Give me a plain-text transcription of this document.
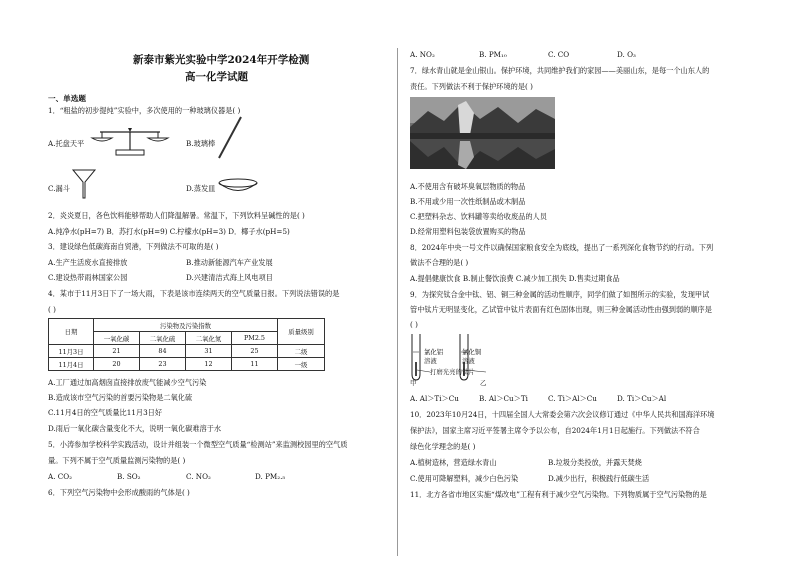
新泰市紫光实验中学2024年开学检测
高一化学试题
一、单选题
1．“粗盐的初步提纯”实验中，多次使用的一种玻璃仪器是( )
A.托盘天平	B.玻璃棒
C.漏斗	D.蒸发皿
2．炎炎夏日，各色饮料能够帮助人们降温解暑。常温下，下列饮料呈碱性的是( )
A.纯净水(pH=7) B．苏打水(pH=9) C.柠檬水(pH=3) D．椰子水(pH=5)
3．建设绿色低碳海南自贸港，下列做法不可取的是( )
A.生产生活废水直接排放	B.推动新能源汽车产业发展
C.建设热带雨林国家公园	D.兴建清洁式海上风电项目
4．某市于11月3日下了一场大雨，下表是该市连续两天的空气质量日报。下列说法错误的是
( )
日期	污染物及污染指数				质量级别
	一氧化碳	二氧化硫	二氧化氮	PM2.5	
11月3日	21	84	31	25	二级
11月4日	20	23	12	11	一级
A.工厂通过加高烟囱直接排放废气能减少空气污染
B.造成该市空气污染的首要污染物是二氧化硫
C.11月4日的空气质量比11月3日好
D.雨后一氧化碳含量变化不大，说明一氧化碳难溶于水
5．小涛参加学校科学实践活动，设计并组装一个微型空气质量“检测站”来监测校园里的空气质
量。下列不属于空气质量监测污染物的是( )
A. CO₂	B. SO₂	C. NO₂	D. PM₂.₅
6．下列空气污染物中会形成酸雨的气体是( )
A. NO₂	B. PM₁₀	C. CO	D. O₃
7．绿水青山就是金山银山。保护环境，共同维护我们的家园——美丽山东，是每一个山东人的
责任。下列做法不利于保护环境的是( )
A.不使用含有破坏臭氧层物质的物品
B.不用或少用一次性纸制品或木制品
C.把塑料杂志、饮料罐等卖给收废品的人员
D.经常用塑料包装袋放置购买的物品
8．2024年中央一号文件以确保国家粮食安全为底线，提出了一系列深化食物节约的行动。下列
做法不合理的是( )
A.提倡健康饮食 B.制止餐饮浪费 C.减少加工损失 D.售卖过期食品
9．为探究钛合金中钛、铝、铜三种金属的活动性顺序，同学们做了如图所示的实验，发现甲试
管中钛片无明显变化，乙试管中钛片表面有红色固体出现，则三种金属活动性由强到弱的顺序是
( )
氯化铝
溶液
氯化铜
溶液
打磨光亮的钛片
甲	乙
A. Al＞Ti＞Cu	B. Al＞Cu＞Ti	C. Ti＞Al＞Cu	D. Ti＞Cu＞Al
10．2023年10月24日，十四届全国人大常委会第六次会议修订通过《中华人民共和国海洋环境
保护法》，国家主席习近平签署主席令予以公布，自2024年1月1日起施行。下列做法不符合
绿色化学理念的是( )
A.植树造林，营造绿水青山	B.垃圾分类投放，并露天焚烧
C.使用可降解塑料，减少白色污染	D.减少出行，积极践行低碳生活
11．北方各省市地区实施“煤改电”工程有利于减少空气污染物。下列物质属于空气污染物的是
